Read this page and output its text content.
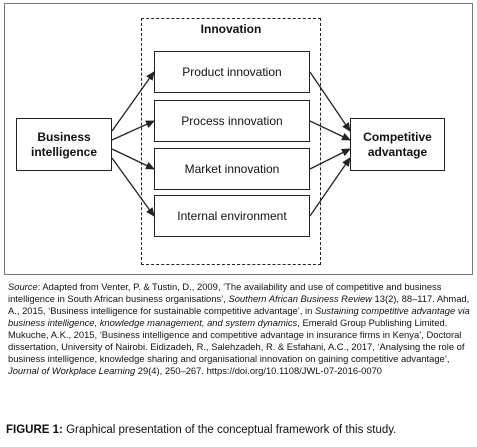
Innovation
Business intelligence
Competitive advantage
Product innovation
Process innovation
Market innovation
Internal environment

Source: Adapted from Venter, P. & Tustin, D., 2009, ‘The availability and use of competitive and business intelligence in South African business organisations’, Southern African Business Review 13(2), 88–117. Ahmad, A., 2015, ‘Business intelligence for sustainable competitive advantage’, in Sustaining competitive advantage via business intelligence, knowledge management, and system dynamics, Emerald Group Publishing Limited. Mukuche, A.K., 2015, ‘Business intelligence and competitive advantage in insurance firms in Kenya’, Doctoral dissertation, University of Nairobi. Eidizadeh, R., Salehzadeh, R. & Esfahani, A.C., 2017, ‘Analysing the role of business intelligence, knowledge sharing and organisational innovation on gaining competitive advantage’, Journal of Workplace Learning 29(4), 250–267. https://doi.org/10.1108/JWL-07-2016-0070

FIGURE 1: Graphical presentation of the conceptual framework of this study.
